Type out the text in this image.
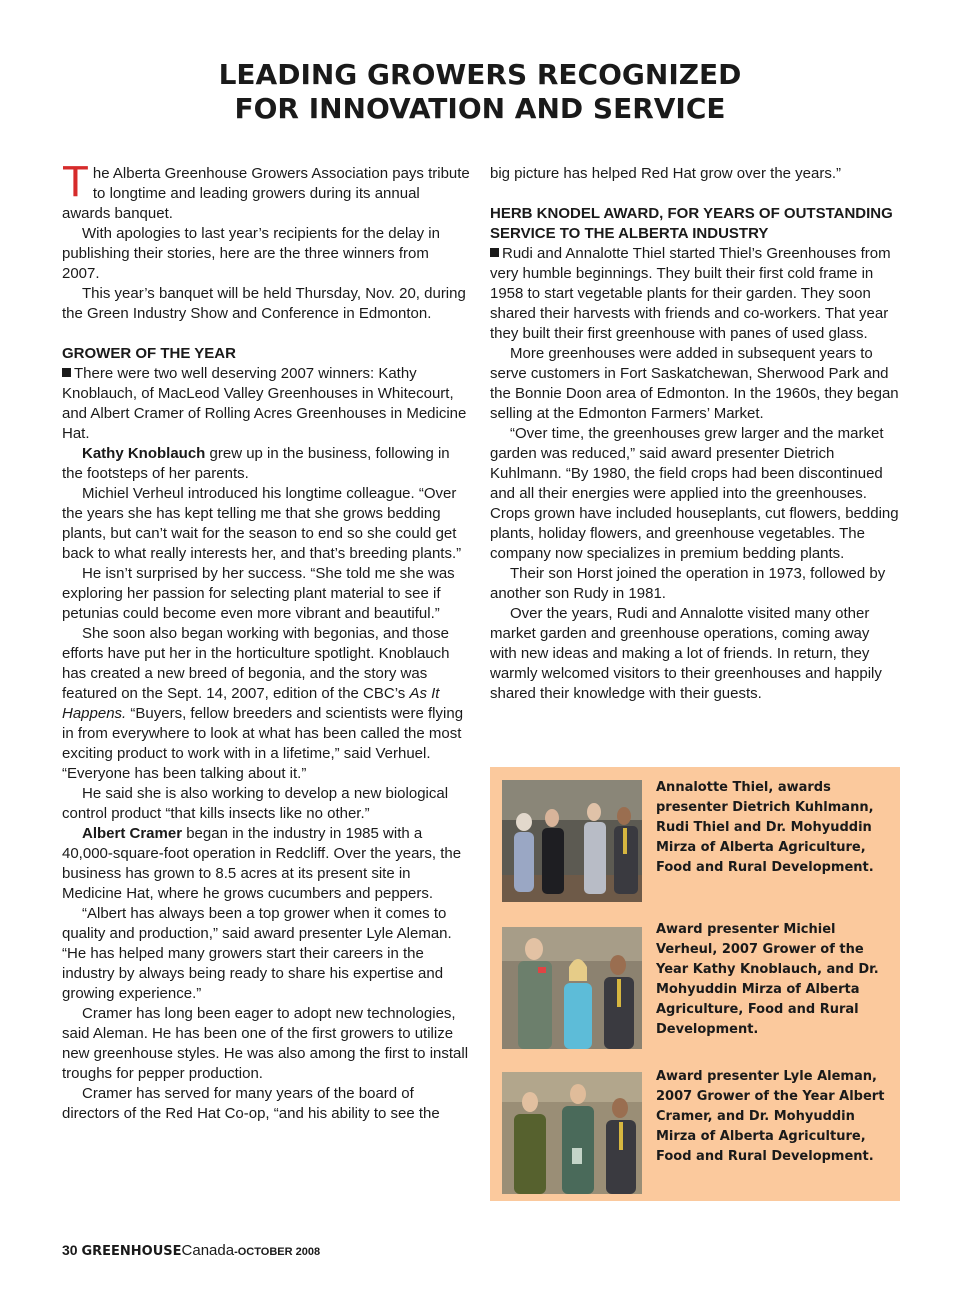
LEADING GROWERS RECOGNIZED
FOR INNOVATION AND SERVICE

The Alberta Greenhouse Growers Association pays tribute to longtime and leading growers during its annual awards banquet.

With apologies to last year’s recipients for the delay in publishing their stories, here are the three winners from 2007.

This year’s banquet will be held Thursday, Nov. 20, during the Green Industry Show and Conference in Edmonton.

GROWER OF THE YEAR

There were two well deserving 2007 winners: Kathy Knoblauch, of MacLeod Valley Greenhouses in Whitecourt, and Albert Cramer of Rolling Acres Greenhouses in Medicine Hat.

Kathy Knoblauch grew up in the business, following in the footsteps of her parents.

Michiel Verheul introduced his longtime colleague. “Over the years she has kept telling me that she grows bedding plants, but can’t wait for the season to end so she could get back to what really interests her, and that’s breeding plants.”

He isn’t surprised by her success. “She told me she was exploring her passion for selecting plant material to see if petunias could become even more vibrant and beautiful.”

She soon also began working with begonias, and those efforts have put her in the horticulture spotlight. Knoblauch has created a new breed of begonia, and the story was featured on the Sept. 14, 2007, edition of the CBC’s As It Happens. “Buyers, fellow breeders and scientists were flying in from everywhere to look at what has been called the most exciting product to work with in a lifetime,” said Verhuel. “Everyone has been talking about it.”

He said she is also working to develop a new biological control product “that kills insects like no other.”

Albert Cramer began in the industry in 1985 with a 40,000-square-foot operation in Redcliff. Over the years, the business has grown to 8.5 acres at its present site in Medicine Hat, where he grows cucumbers and peppers.

“Albert has always been a top grower when it comes to quality and production,” said award presenter Lyle Aleman. “He has helped many growers start their careers in the industry by always being ready to share his expertise and growing experience.”

Cramer has long been eager to adopt new technologies, said Aleman. He has been one of the first growers to utilize new greenhouse styles. He was also among the first to install troughs for pepper production.

Cramer has served for many years of the board of directors of the Red Hat Co-op, “and his ability to see the

big picture has helped Red Hat grow over the years.”

HERB KNODEL AWARD, FOR YEARS OF OUTSTANDING SERVICE TO THE ALBERTA INDUSTRY

Rudi and Annalotte Thiel started Thiel’s Greenhouses from very humble beginnings. They built their first cold frame in 1958 to start vegetable plants for their garden. They soon shared their harvests with friends and co-workers. That year they built their first greenhouse with panes of used glass.

More greenhouses were added in subsequent years to serve customers in Fort Saskatchewan, Sherwood Park and the Bonnie Doon area of Edmonton. In the 1960s, they began selling at the Edmonton Farmers’ Market.

“Over time, the greenhouses grew larger and the market garden was reduced,” said award presenter Dietrich Kuhlmann. “By 1980, the field crops had been discontinued and all their energies were applied into the greenhouses. Crops grown have included houseplants, cut flowers, bedding plants, holiday flowers, and greenhouse vegetables. The company now specializes in premium bedding plants.

Their son Horst joined the operation in 1973, followed by another son Rudy in 1981.

Over the years, Rudi and Annalotte visited many other market garden and greenhouse operations, coming away with new ideas and making a lot of friends. In return, they warmly welcomed visitors to their greenhouses and happily shared their knowledge with their guests.

Annalotte Thiel, awards presenter Dietrich Kuhlmann, Rudi Thiel and Dr. Mohyuddin Mirza of Alberta Agriculture, Food and Rural Development.
Award presenter Michiel Verheul, 2007 Grower of the Year Kathy Knoblauch, and Dr. Mohyuddin Mirza of Alberta Agriculture, Food and Rural Development.
Award presenter Lyle Aleman, 2007 Grower of the Year Albert Cramer, and Dr. Mohyuddin Mirza of Alberta Agriculture, Food and Rural Development.
30 GREENHOUSECanada-OCTOBER 2008
